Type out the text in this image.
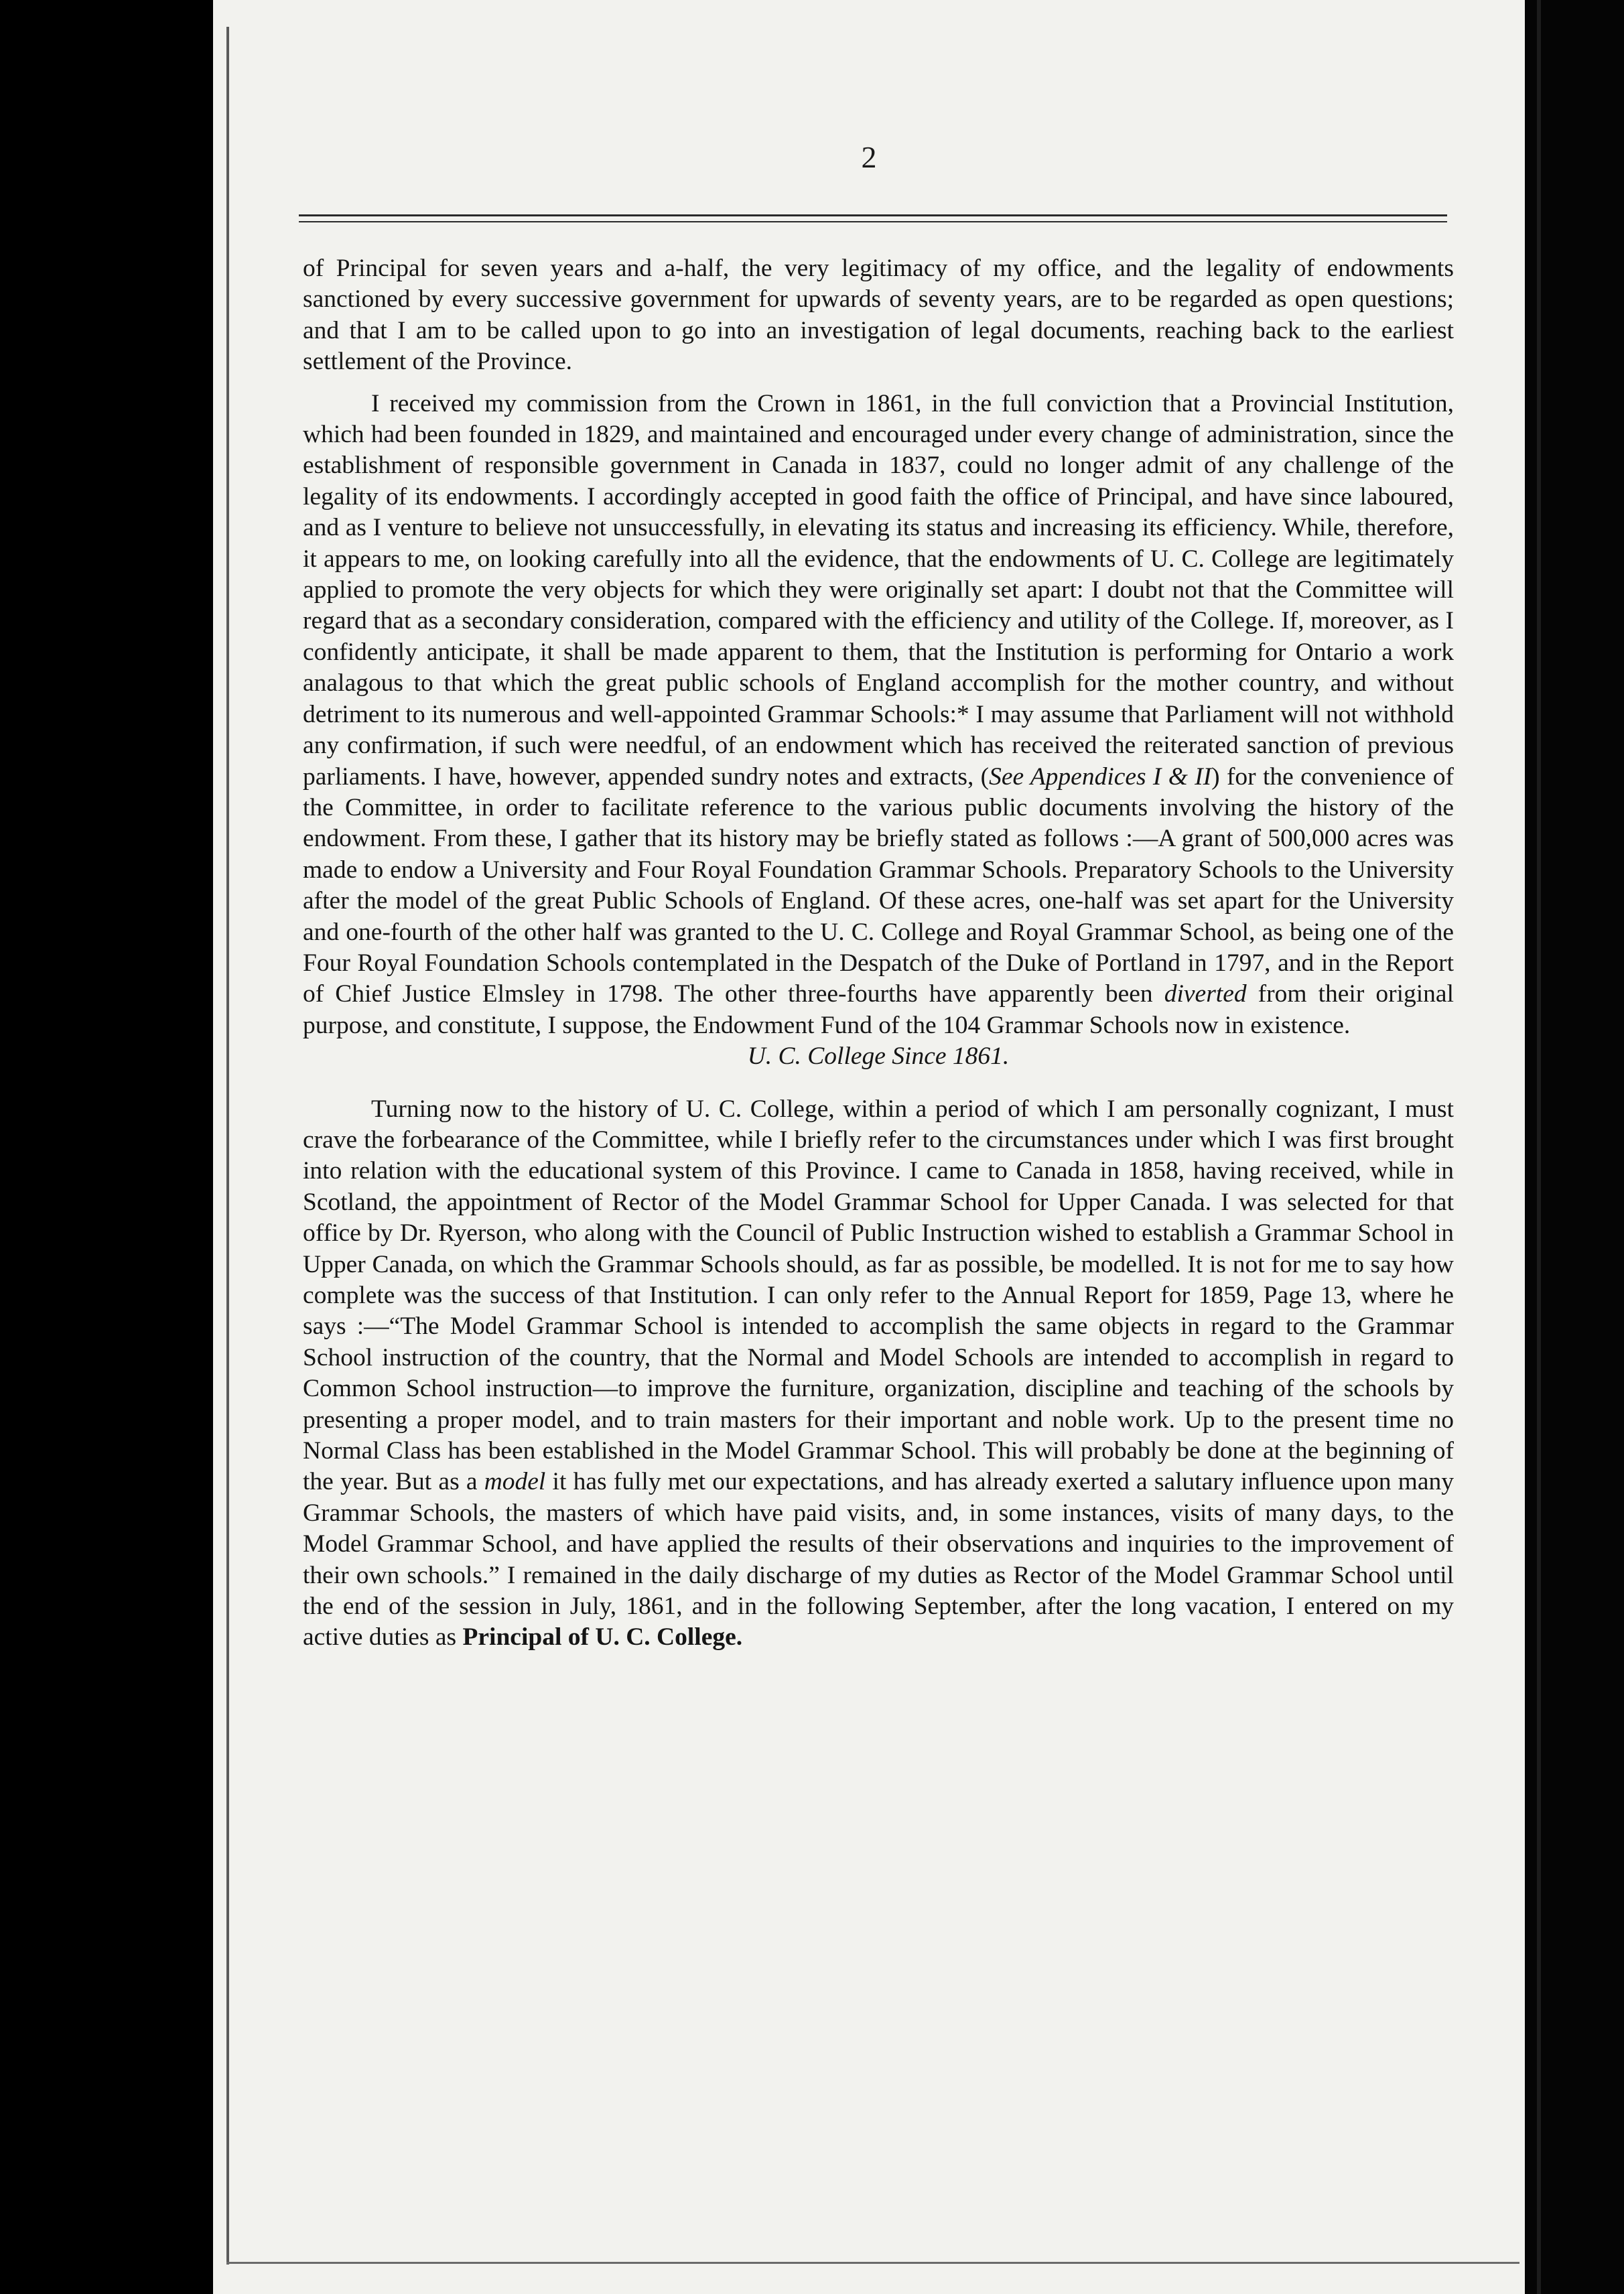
2

of Principal for seven years and a-half, the very legitimacy of my office, and the legality of endowments sanctioned by every successive government for upwards of seventy years, are to be regarded as open questions; and that I am to be called upon to go into an investigation of legal documents, reaching back to the earliest settlement of the Province.

I received my commission from the Crown in 1861, in the full conviction that a Provincial Institution, which had been founded in 1829, and maintained and encouraged under every change of administration, since the establishment of responsible government in Canada in 1837, could no longer admit of any challenge of the legality of its endowments. I accordingly accepted in good faith the office of Principal, and have since laboured, and as I venture to believe not unsuccessfully, in elevating its status and increasing its efficiency. While, therefore, it appears to me, on looking carefully into all the evidence, that the endowments of U. C. College are legitimately applied to promote the very objects for which they were originally set apart: I doubt not that the Committee will regard that as a secondary consideration, compared with the efficiency and utility of the College. If, moreover, as I confidently anticipate, it shall be made apparent to them, that the Institution is performing for Ontario a work analagous to that which the great public schools of England accomplish for the mother country, and without detriment to its numerous and well-appointed Grammar Schools:* I may assume that Parliament will not withhold any confirmation, if such were needful, of an endowment which has received the reiterated sanction of previous parliaments. I have, however, appended sundry notes and extracts, (See Appendices I & II) for the convenience of the Committee, in order to facilitate reference to the various public documents involving the history of the endowment. From these, I gather that its history may be briefly stated as follows :—A grant of 500,000 acres was made to endow a University and Four Royal Foundation Grammar Schools. Preparatory Schools to the University after the model of the great Public Schools of England. Of these acres, one-half was set apart for the University and one-fourth of the other half was granted to the U. C. College and Royal Grammar School, as being one of the Four Royal Foundation Schools contemplated in the Despatch of the Duke of Portland in 1797, and in the Report of Chief Justice Elmsley in 1798. The other three-fourths have apparently been diverted from their original purpose, and constitute, I suppose, the Endowment Fund of the 104 Grammar Schools now in existence.

U. C. College Since 1861.

Turning now to the history of U. C. College, within a period of which I am personally cognizant, I must crave the forbearance of the Committee, while I briefly refer to the circumstances under which I was first brought into relation with the educational system of this Province. I came to Canada in 1858, having received, while in Scotland, the appointment of Rector of the Model Grammar School for Upper Canada. I was selected for that office by Dr. Ryerson, who along with the Council of Public Instruction wished to establish a Grammar School in Upper Canada, on which the Grammar Schools should, as far as possible, be modelled. It is not for me to say how complete was the success of that Institution. I can only refer to the Annual Report for 1859, Page 13, where he says :—“The Model Grammar School is intended to accomplish the same objects in regard to the Grammar School instruction of the country, that the Normal and Model Schools are intended to accomplish in regard to Common School instruction—to improve the furniture, organization, discipline and teaching of the schools by presenting a proper model, and to train masters for their important and noble work. Up to the present time no Normal Class has been established in the Model Grammar School. This will probably be done at the beginning of the year. But as a model it has fully met our expectations, and has already exerted a salutary influence upon many Grammar Schools, the masters of which have paid visits, and, in some instances, visits of many days, to the Model Grammar School, and have applied the results of their observations and inquiries to the improvement of their own schools.” I remained in the daily discharge of my duties as Rector of the Model Grammar School until the end of the session in July, 1861, and in the following September, after the long vacation, I entered on my active duties as Principal of U. C. College.
